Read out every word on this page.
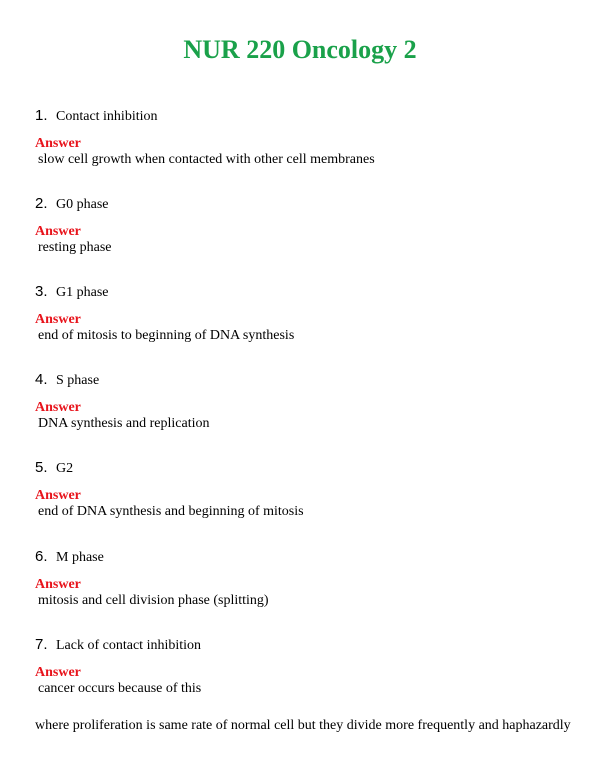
NUR 220 Oncology 2
1. Contact inhibition
Answer
slow cell growth when contacted with other cell membranes
2. G0 phase
Answer
resting phase
3. G1 phase
Answer
end of mitosis to beginning of DNA synthesis
4. S phase
Answer
DNA synthesis and replication
5. G2
Answer
end of DNA synthesis and beginning of mitosis
6. M phase
Answer
mitosis and cell division phase (splitting)
7. Lack of contact inhibition
Answer
cancer occurs because of this
where proliferation is same rate of normal cell but they divide more frequently and haphazardly
